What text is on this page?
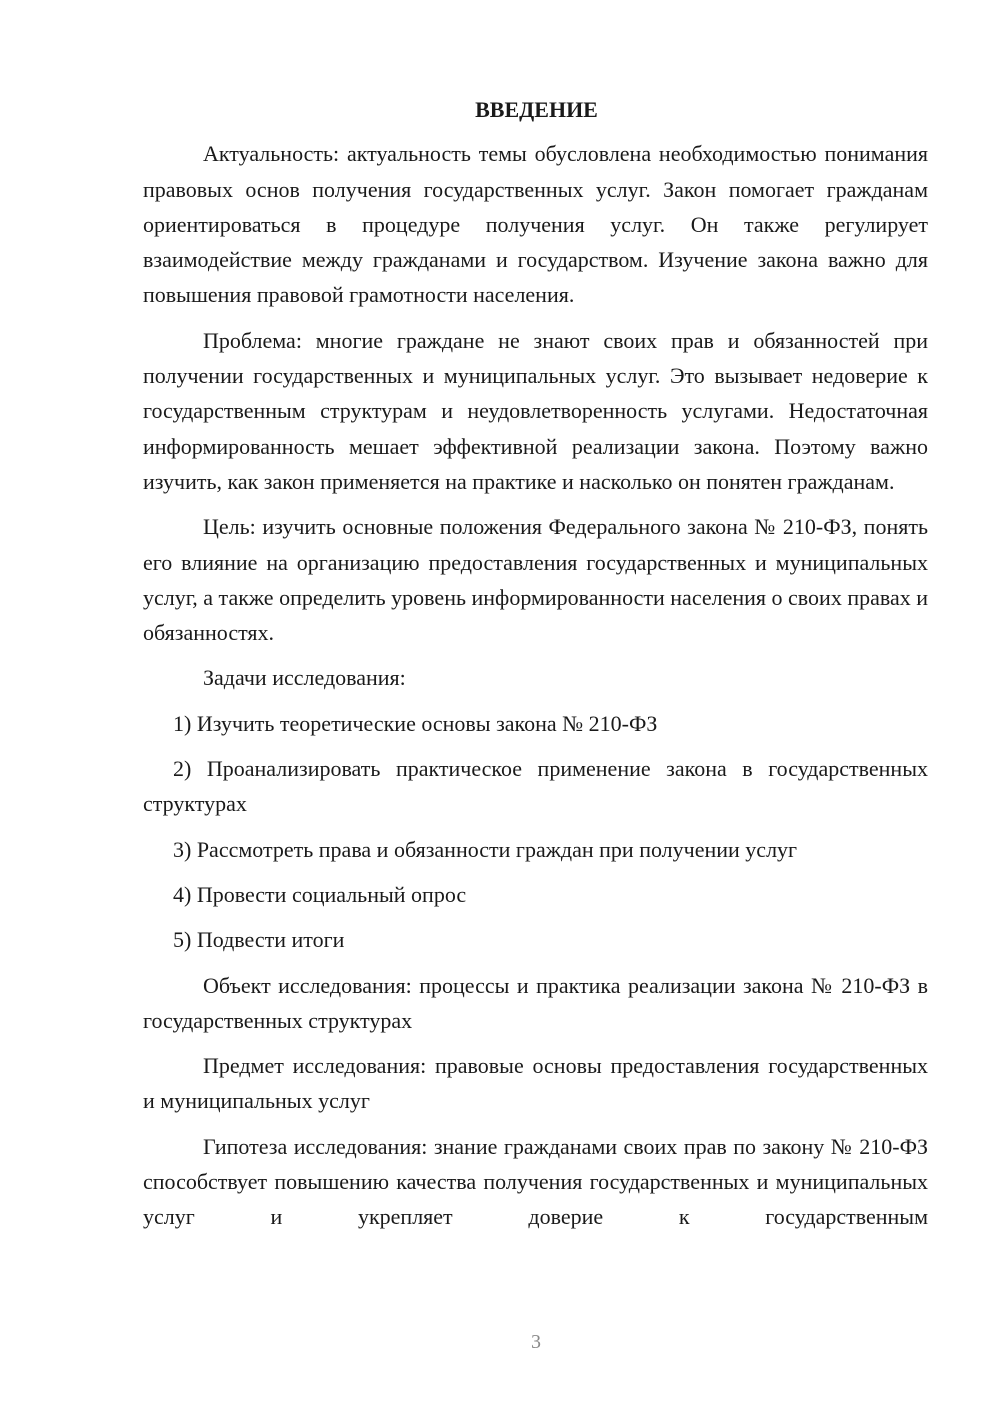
ВВЕДЕНИЕ

Актуальность: актуальность темы обусловлена необходимостью понимания правовых основ получения государственных услуг. Закон помогает гражданам ориентироваться в процедуре получения услуг. Он также регулирует взаимодействие между гражданами и государством. Изучение закона важно для повышения правовой грамотности населения.

Проблема: многие граждане не знают своих прав и обязанностей при получении государственных и муниципальных услуг. Это вызывает недоверие к государственным структурам и неудовлетворенность услугами. Недостаточная информированность мешает эффективной реализации закона. Поэтому важно изучить, как закон применяется на практике и насколько он понятен гражданам.

Цель: изучить основные положения Федерального закона № 210-ФЗ, понять его влияние на организацию предоставления государственных и муниципальных услуг, а также определить уровень информированности населения о своих правах и обязанностях.

Задачи исследования:

1) Изучить теоретические основы закона № 210-ФЗ

2) Проанализировать практическое применение закона в государственных структурах

3) Рассмотреть права и обязанности граждан при получении услуг

4) Провести социальный опрос

5) Подвести итоги

Объект исследования: процессы и практика реализации закона № 210-ФЗ в государственных структурах

Предмет исследования: правовые основы предоставления государственных и муниципальных услуг

Гипотеза исследования: знание гражданами своих прав по закону № 210-ФЗ способствует повышению качества получения государственных и муниципальных услуг и укрепляет доверие к государственным

3
